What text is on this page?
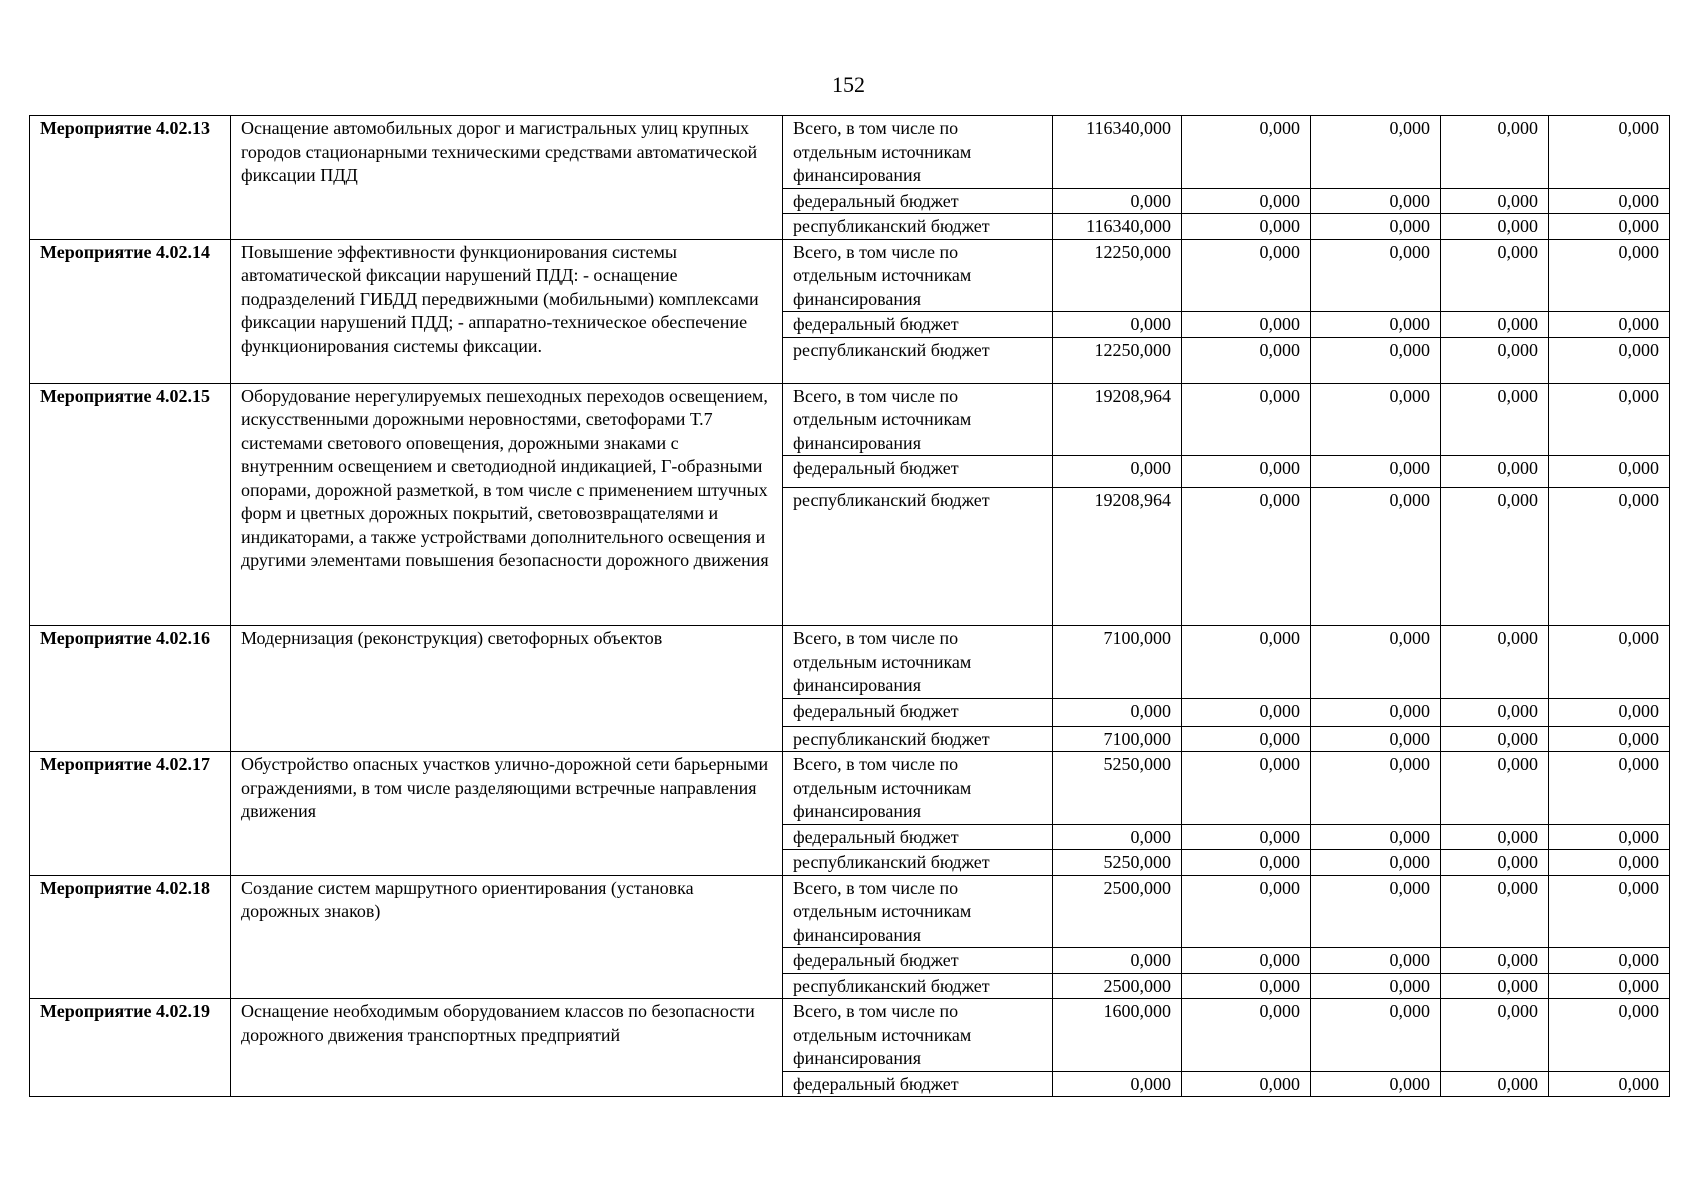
152
Мероприятие 4.02.13	Оснащение автомобильных дорог и магистральных улиц крупных городов стационарными техническими средствами автоматической фиксации ПДД	Всего, в том числе по отдельным источникам финансирования	116340,000	0,000	0,000	0,000	0,000
		федеральный бюджет	0,000	0,000	0,000	0,000	0,000
		республиканский бюджет	116340,000	0,000	0,000	0,000	0,000
Мероприятие 4.02.14	Повышение эффективности функционирования системы автоматической фиксации нарушений ПДД: - оснащение подразделений ГИБДД передвижными (мобильными) комплексами фиксации нарушений ПДД; - аппаратно-техническое обеспечение функционирования системы фиксации.	Всего, в том числе по отдельным источникам финансирования	12250,000	0,000	0,000	0,000	0,000
		федеральный бюджет	0,000	0,000	0,000	0,000	0,000
		республиканский бюджет	12250,000	0,000	0,000	0,000	0,000
Мероприятие 4.02.15	Оборудование нерегулируемых пешеходных переходов освещением, искусственными дорожными неровностями, светофорами Т.7 системами светового оповещения, дорожными знаками с внутренним освещением и светодиодной индикацией, Г-образными опорами, дорожной разметкой, в том числе с применением штучных форм и цветных дорожных покрытий, световозвращателями и индикаторами, а также устройствами дополнительного освещения и другими элементами повышения безопасности дорожного движения	Всего, в том числе по отдельным источникам финансирования	19208,964	0,000	0,000	0,000	0,000
		федеральный бюджет	0,000	0,000	0,000	0,000	0,000
		республиканский бюджет	19208,964	0,000	0,000	0,000	0,000
Мероприятие 4.02.16	Модернизация (реконструкция) светофорных объектов	Всего, в том числе по отдельным источникам финансирования	7100,000	0,000	0,000	0,000	0,000
		федеральный бюджет	0,000	0,000	0,000	0,000	0,000
		республиканский бюджет	7100,000	0,000	0,000	0,000	0,000
Мероприятие 4.02.17	Обустройство опасных участков улично-дорожной сети барьерными ограждениями, в том числе разделяющими встречные направления движения	Всего, в том числе по отдельным источникам финансирования	5250,000	0,000	0,000	0,000	0,000
		федеральный бюджет	0,000	0,000	0,000	0,000	0,000
		республиканский бюджет	5250,000	0,000	0,000	0,000	0,000
Мероприятие 4.02.18	Создание систем маршрутного ориентирования (установка дорожных знаков)	Всего, в том числе по отдельным источникам финансирования	2500,000	0,000	0,000	0,000	0,000
		федеральный бюджет	0,000	0,000	0,000	0,000	0,000
		республиканский бюджет	2500,000	0,000	0,000	0,000	0,000
Мероприятие 4.02.19	Оснащение необходимым оборудованием классов по безопасности дорожного движения транспортных предприятий	Всего, в том числе по отдельным источникам финансирования	1600,000	0,000	0,000	0,000	0,000
		федеральный бюджет	0,000	0,000	0,000	0,000	0,000
